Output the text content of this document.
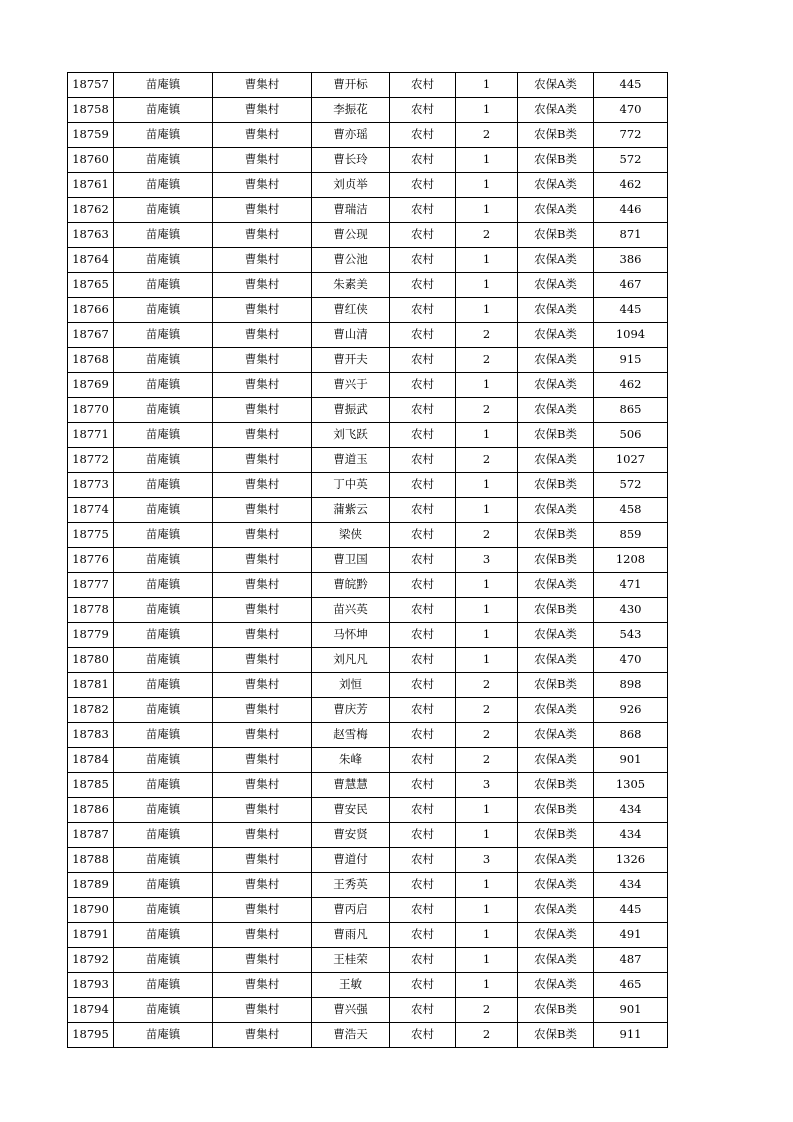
18757	苗庵镇	曹集村	曹开标	农村	1	农保A类	445
18758	苗庵镇	曹集村	李振花	农村	1	农保A类	470
18759	苗庵镇	曹集村	曹亦瑶	农村	2	农保B类	772
18760	苗庵镇	曹集村	曹长玲	农村	1	农保B类	572
18761	苗庵镇	曹集村	刘贞举	农村	1	农保A类	462
18762	苗庵镇	曹集村	曹瑞洁	农村	1	农保A类	446
18763	苗庵镇	曹集村	曹公现	农村	2	农保B类	871
18764	苗庵镇	曹集村	曹公池	农村	1	农保A类	386
18765	苗庵镇	曹集村	朱素美	农村	1	农保A类	467
18766	苗庵镇	曹集村	曹红侠	农村	1	农保A类	445
18767	苗庵镇	曹集村	曹山清	农村	2	农保A类	1094
18768	苗庵镇	曹集村	曹开夫	农村	2	农保A类	915
18769	苗庵镇	曹集村	曹兴于	农村	1	农保A类	462
18770	苗庵镇	曹集村	曹振武	农村	2	农保A类	865
18771	苗庵镇	曹集村	刘飞跃	农村	1	农保B类	506
18772	苗庵镇	曹集村	曹道玉	农村	2	农保A类	1027
18773	苗庵镇	曹集村	丁中英	农村	1	农保B类	572
18774	苗庵镇	曹集村	蒲紫云	农村	1	农保A类	458
18775	苗庵镇	曹集村	梁侠	农村	2	农保B类	859
18776	苗庵镇	曹集村	曹卫国	农村	3	农保B类	1208
18777	苗庵镇	曹集村	曹皖黔	农村	1	农保A类	471
18778	苗庵镇	曹集村	苗兴英	农村	1	农保B类	430
18779	苗庵镇	曹集村	马怀坤	农村	1	农保A类	543
18780	苗庵镇	曹集村	刘凡凡	农村	1	农保A类	470
18781	苗庵镇	曹集村	刘恒	农村	2	农保B类	898
18782	苗庵镇	曹集村	曹庆芳	农村	2	农保A类	926
18783	苗庵镇	曹集村	赵雪梅	农村	2	农保A类	868
18784	苗庵镇	曹集村	朱峰	农村	2	农保A类	901
18785	苗庵镇	曹集村	曹慧慧	农村	3	农保B类	1305
18786	苗庵镇	曹集村	曹安民	农村	1	农保B类	434
18787	苗庵镇	曹集村	曹安贤	农村	1	农保B类	434
18788	苗庵镇	曹集村	曹道付	农村	3	农保A类	1326
18789	苗庵镇	曹集村	王秀英	农村	1	农保A类	434
18790	苗庵镇	曹集村	曹丙启	农村	1	农保A类	445
18791	苗庵镇	曹集村	曹雨凡	农村	1	农保A类	491
18792	苗庵镇	曹集村	王桂荣	农村	1	农保A类	487
18793	苗庵镇	曹集村	王敏	农村	1	农保A类	465
18794	苗庵镇	曹集村	曹兴强	农村	2	农保B类	901
18795	苗庵镇	曹集村	曹浩天	农村	2	农保B类	911
